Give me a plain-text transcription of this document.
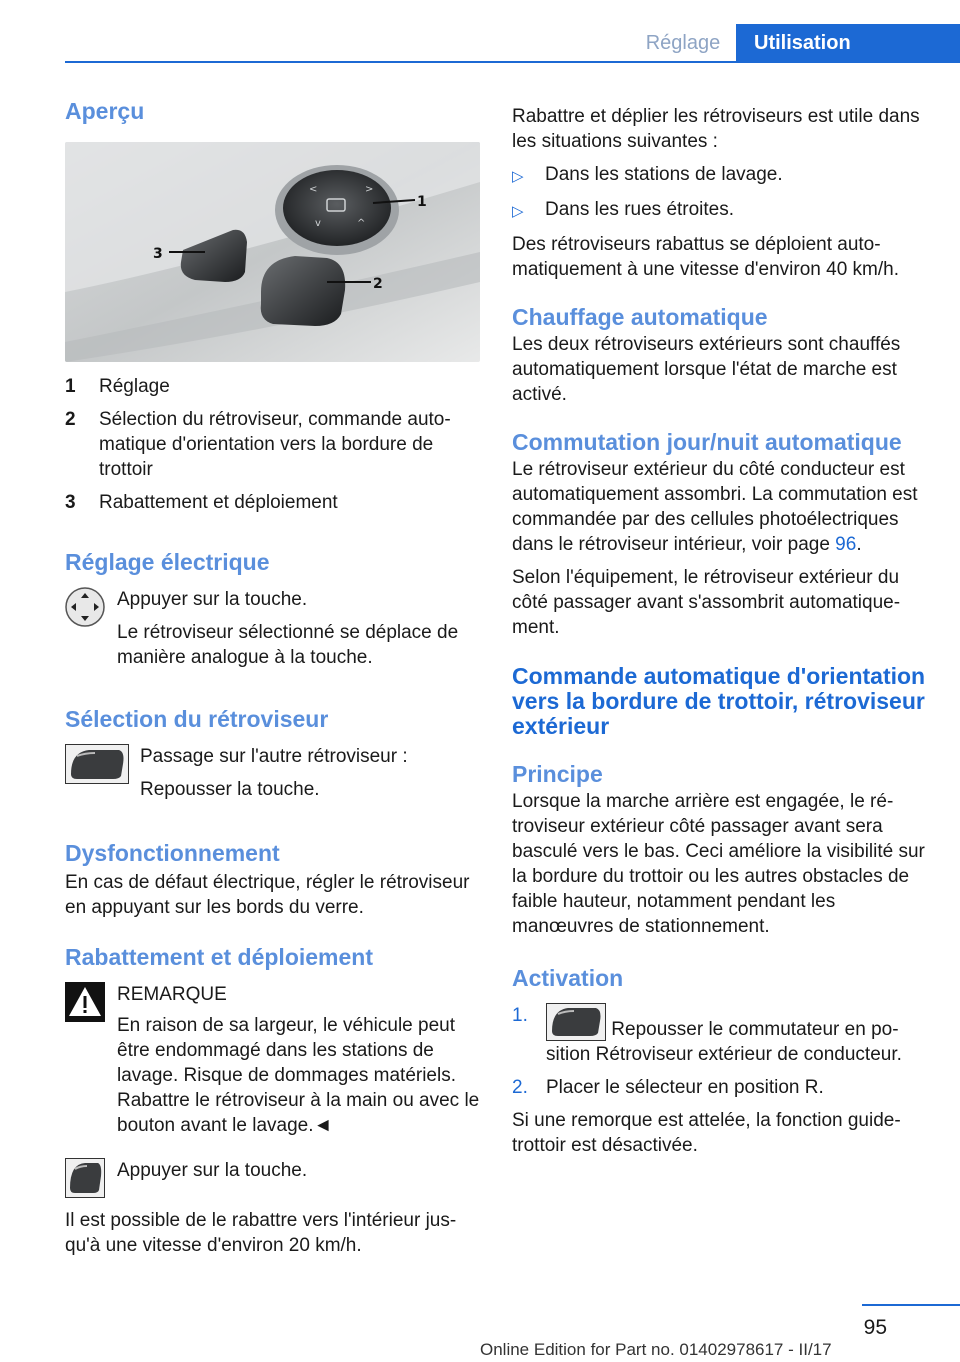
Réglage	Utilisation
Aperçu
<	>
v	^
1
2
3
1	Réglage
2	Sélection du rétroviseur, commande automatique d'orientation vers la bordure de trottoir
3	Rabattement et déploiement
Réglage électrique

Appuyer sur la touche.

Le rétroviseur sélectionné se déplace de manière analogue à la touche.

Sélection du rétroviseur

Passage sur l'autre rétroviseur :

Repousser la touche.

Dysfonctionnement

En cas de défaut électrique, régler le rétroviseur en appuyant sur les bords du verre.

Rabattement et déploiement

REMARQUE

En raison de sa largeur, le véhicule peut être endommagé dans les stations de lavage. Risque de dommages matériels. Rabattre le rétroviseur à la main ou avec le bouton avant le lavage.◄

Appuyer sur la touche.

Il est possible de le rabattre vers l'intérieur jusqu'à une vitesse d'environ 20 km/h.

Rabattre et déplier les rétroviseurs est utile dans les situations suivantes :

▷	Dans les stations de lavage.
▷	Dans les rues étroites.

Des rétroviseurs rabattus se déploient automatiquement à une vitesse d'environ 40 km/h.

Chauffage automatique

Les deux rétroviseurs extérieurs sont chauffés automatiquement lorsque l'état de marche est activé.

Commutation jour/nuit automatique

Le rétroviseur extérieur du côté conducteur est automatiquement assombri. La commutation est commandée par des cellules photoélectriques dans le rétroviseur intérieur, voir page 96.

Selon l'équipement, le rétroviseur extérieur du côté passager avant s'assombrit automatiquement.

Commande automatique d'orientation vers la bordure de trottoir, rétroviseur extérieur
Principe

Lorsque la marche arrière est engagée, le rétroviseur extérieur côté passager avant sera basculé vers le bas. Ceci améliore la visibilité sur la bordure du trottoir ou les autres obstacles de faible hauteur, notamment pendant les manœuvres de stationnement.

Activation
1.
Repousser le commutateur en position Rétroviseur extérieur de conducteur.
2. Placer le sélecteur en position R.

Si une remorque est attelée, la fonction guide-trottoir est désactivée.

95
Online Edition for Part no. 01402978617 - II/17
